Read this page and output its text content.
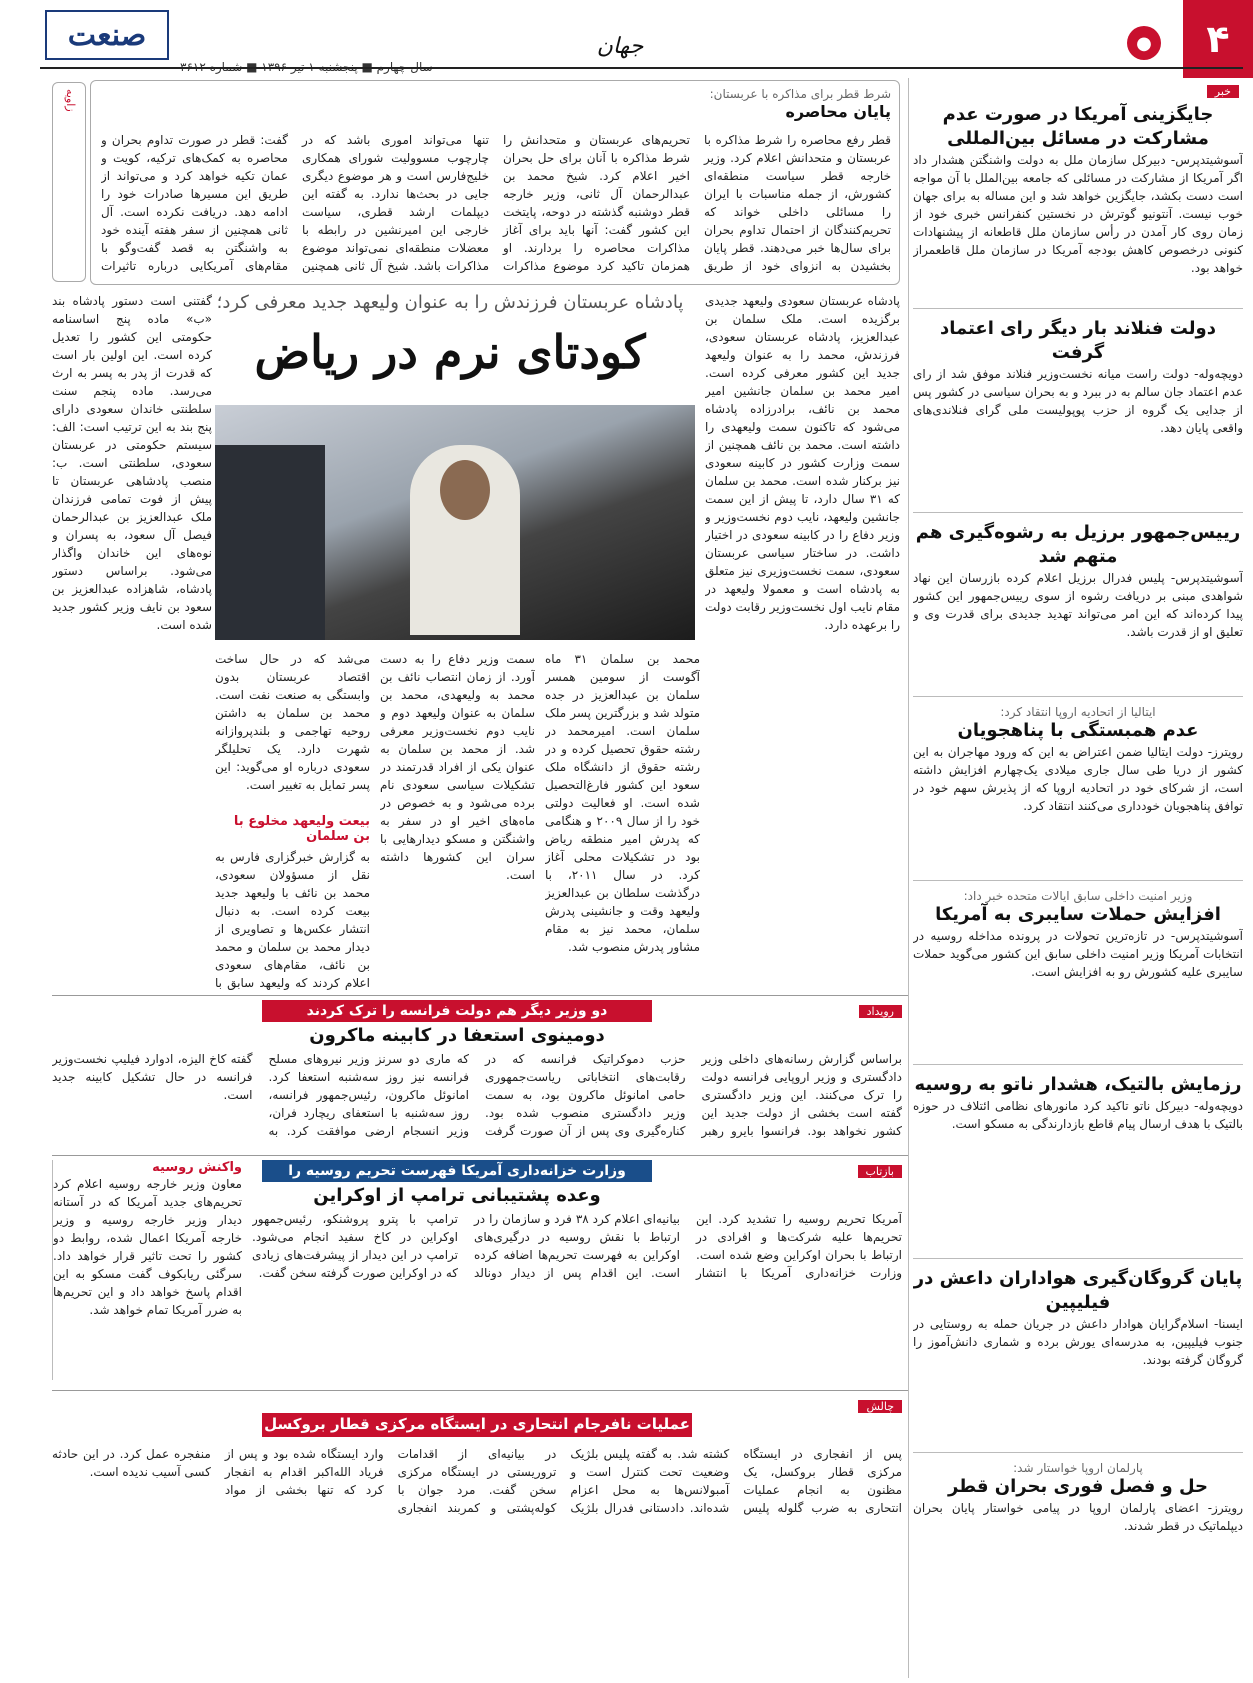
۴
●
جهان
صنعت
خبر
جایگزینی آمریکا در صورت عدم مشارکت در مسائل بین‌المللی
آسوشیتدپرس- دبیرکل سازمان ملل به دولت واشنگتن هشدار داد اگر آمریکا از مشارکت در مسائلی که جامعه بین‌الملل با آن مواجه است دست بکشد، جایگزین خواهد شد و این مساله به برای جهان خوب نیست. آنتونیو گوترش در نخستین کنفرانس خبری خود از زمان روی کار آمدن در رأس سازمان ملل قاطعانه از پیشنهادات کنونی درخصوص کاهش بودجه آمریکا در سازمان ملل قاطعمراز خواهد بود.
دولت فنلاند بار دیگر رای اعتماد گرفت
دویچه‌وله- دولت راست میانه نخست‌وزیر فنلاند موفق شد از رای عدم اعتماد جان سالم به در ببرد و به بحران سیاسی در کشور پس از جدایی یک گروه از حزب پوپولیست ملی گرای فنلاندی‌های واقعی پایان دهد.
رییس‌جمهور برزیل به رشوه‌گیری هم متهم شد
آسوشیتدپرس- پلیس فدرال برزیل اعلام کرده بازرسان این نهاد شواهدی مبنی بر دریافت رشوه از سوی رییس‌جمهور این کشور پیدا کرده‌اند که این امر می‌تواند تهدید جدیدی برای قدرت وی و تعلیق او از قدرت باشد.
ایتالیا از اتحادیه اروپا انتقاد کرد:
عدم همبستگی با پناهجویان
رویترز- دولت ایتالیا ضمن اعتراض به این که ورود مهاجران به این کشور از دریا طی سال جاری میلادی یک‌چهارم افزایش داشته است، از شرکای خود در اتحادیه اروپا که از پذیرش سهم خود در توافق پناهجویان خودداری می‌کنند انتقاد کرد.
وزیر امنیت داخلی سابق ایالات متحده خبر داد:
افزایش حملات سایبری به آمریکا
آسوشیتدپرس- در تازه‌ترین تحولات در پرونده مداخله روسیه در انتخابات آمریکا وزیر امنیت داخلی سابق این کشور می‌گوید حملات سایبری علیه کشورش رو به افزایش است.
رزمایش بالتیک، هشدار ناتو به روسیه
دویچه‌وله- دبیرکل ناتو تاکید کرد مانورهای نظامی ائتلاف در حوزه بالتیک با هدف ارسال پیام قاطع بازدارندگی به مسکو است.
پایان گروگان‌گیری هواداران داعش در فیلیپین
ایسنا- اسلام‌گرایان هوادار داعش در جریان حمله به روستایی در جنوب فیلیپین، به مدرسه‌ای یورش برده و شماری دانش‌آموز را گروگان گرفته بودند.
پارلمان اروپا خواستار شد:
حل و فصل فوری بحران قطر
رویترز- اعضای پارلمان اروپا در پیامی خواستار پایان بحران دیپلماتیک در قطر شدند.
شرط قطر برای مذاکره با عربستان:
پایان محاصره
قطر رفع محاصره را شرط مذاکره با عربستان و متحدانش اعلام کرد. وزیر خارجه قطر سیاست منطقه‌ای کشورش، از جمله مناسبات با ایران را مسائلی داخلی خواند که تحریم‌کنندگان از احتمال تداوم بحران برای سال‌ها خبر می‌دهند. قطر پایان بخشیدن به انزوای خود از طریق تحریم‌های عربستان و متحدانش را شرط مذاکره با آنان برای حل بحران اخیر اعلام کرد. شیخ محمد بن عبدالرحمان آل ثانی، وزیر خارجه قطر دوشنبه گذشته در دوحه، پایتخت این کشور گفت: آنها باید برای آغاز مذاکرات محاصره را بردارند. او همزمان تاکید کرد موضوع مذاکرات تنها می‌تواند اموری باشد که در چارچوب مسوولیت شورای همکاری خلیج‌فارس است و هر موضوع دیگری جایی در بحث‌ها ندارد. به گفته این دیپلمات ارشد قطری، سیاست خارجی این امیرنشین در رابطه با معضلات منطقه‌ای نمی‌تواند موضوع مذاکرات باشد. شیخ آل ثانی همچنین گفت: قطر در صورت تداوم بحران و محاصره به کمک‌های ترکیه، کویت و عمان تکیه خواهد کرد و می‌تواند از طریق این مسیرها صادرات خود را ادامه دهد. دریافت نکرده است. آل ثانی همچنین از سفر هفته آینده خود به واشنگتن به قصد گفت‌وگو با مقام‌های آمریکایی درباره تاثیرات
زاویه
پادشاه عربستان فرزندش را به عنوان ولیعهد جدید معرفی کرد؛
کودتای نرم در ریاض
پادشاه عربستان سعودی ولیعهد جدیدی برگزیده است. ملک سلمان بن عبدالعزیز، پادشاه عربستان سعودی، فرزندش، محمد را به عنوان ولیعهد جدید این کشور معرفی کرده است. امیر محمد بن سلمان جانشین امیر محمد بن نائف، برادرزاده پادشاه می‌شود که تاکنون سمت ولیعهدی را داشته است. محمد بن نائف همچنین از سمت وزارت کشور در کابینه سعودی نیز برکنار شده است. محمد بن سلمان که ۳۱ سال دارد، تا پیش از این سمت جانشین ولیعهد، نایب دوم نخست‌وزیر و وزیر دفاع را در کابینه سعودی در اختیار داشت. در ساختار سیاسی عربستان سعودی، سمت نخست‌وزیری نیز متعلق به پادشاه است و معمولا ولیعهد در مقام نایب اول نخست‌وزیر رقابت دولت را برعهده دارد.
گفتنی است دستور پادشاه بند «ب» ماده پنج اساسنامه حکومتی این کشور را تعدیل کرده است. این اولین بار است که قدرت از پدر به پسر به ارث می‌رسد. ماده پنجم سنت سلطنتی خاندان سعودی دارای پنج بند به این ترتیب است: الف: سیستم حکومتی در عربستان سعودی، سلطنتی است. ب: منصب پادشاهی عربستان تا پیش از فوت تمامی فرزندان ملک عبدالعزیز بن عبدالرحمان فیصل آل سعود، به پسران و نوه‌های این خاندان واگذار می‌شود. براساس دستور پادشاه، شاهزاده عبدالعزیز بن سعود بن نایف وزیر کشور جدید شده است.
محمد بن سلمان ۳۱ ماه آگوست از سومین همسر سلمان بن عبدالعزیز در جده متولد شد و بزرگترین پسر ملک سلمان است. امیرمحمد در رشته حقوق تحصیل کرده و در رشته حقوق از دانشگاه ملک سعود این کشور فارغ‌التحصیل شده است. او فعالیت دولتی خود را از سال ۲۰۰۹ و هنگامی که پدرش امیر منطقه ریاض بود در تشکیلات محلی آغاز کرد. در سال ۲۰۱۱، با درگذشت سلطان بن عبدالعزیز ولیعهد وقت و جانشینی پدرش سلمان، محمد نیز به مقام مشاور پدرش منصوب شد.
سمت وزیر دفاع را به دست آورد. از زمان انتصاب نائف بن محمد به ولیعهدی، محمد بن سلمان به عنوان ولیعهد دوم و نایب دوم نخست‌وزیر معرفی شد. از محمد بن سلمان به عنوان یکی از افراد قدرتمند در تشکیلات سیاسی سعودی نام برده می‌شود و به خصوص در ماه‌های اخیر او در سفر به واشنگتن و مسکو دیدارهایی با سران این کشورها داشته است.
می‌شد که در حال ساخت اقتصاد عربستان بدون وابستگی به صنعت نفت است. محمد بن سلمان به داشتن روحیه تهاجمی و بلندپروازانه شهرت دارد. یک تحلیلگر سعودی درباره او می‌گوید: این پسر تمایل به تغییر است.
بیعت ولیعهد مخلوع با بن سلمان
به گزارش خبرگزاری فارس به نقل از مسؤولان سعودی، محمد بن نائف با ولیعهد جدید بیعت کرده است. به دنبال انتشار عکس‌ها و تصاویری از دیدار محمد بن سلمان و محمد بن نائف، مقام‌های سعودی اعلام کردند که ولیعهد سابق با
رویداد
دو وزیر دیگر هم دولت فرانسه را ترک کردند
دومینوی استعفا در کابینه ماکرون
براساس گزارش رسانه‌های داخلی وزیر دادگستری و وزیر اروپایی فرانسه دولت را ترک می‌کنند. این وزیر دادگستری گفته است بخشی از دولت جدید این کشور نخواهد بود. فرانسوا بایرو رهبر حزب دموکراتیک فرانسه که در رقابت‌های انتخاباتی ریاست‌جمهوری حامی امانوئل ماکرون بود، به سمت وزیر دادگستری منصوب شده بود. کناره‌گیری وی پس از آن صورت گرفت که ماری دو سرنز وزیر نیروهای مسلح فرانسه نیز روز سه‌شنبه استعفا کرد. امانوئل ماکرون، رئیس‌جمهور فرانسه، روز سه‌شنبه با استعفای ریچارد فران، وزیر انسجام ارضی موافقت کرد. به گفته کاخ الیزه، ادوارد فیلیپ نخست‌وزیر فرانسه در حال تشکیل کابینه جدید است.
بازتاب
وزارت خزانه‌داری آمریکا فهرست تحریم روسیه را
وعده پشتیبانی ترامپ از اوکراین
آمریکا تحریم روسیه را تشدید کرد. این تحریم‌ها علیه شرکت‌ها و افرادی در ارتباط با بحران اوکراین وضع شده است. وزارت خزانه‌داری آمریکا با انتشار بیانیه‌ای اعلام کرد ۳۸ فرد و سازمان را در ارتباط با نقش روسیه در درگیری‌های اوکراین به فهرست تحریم‌ها اضافه کرده است. این اقدام پس از دیدار دونالد ترامپ با پترو پروشنکو، رئیس‌جمهور اوکراین در کاخ سفید انجام می‌شود. ترامپ در این دیدار از پیشرفت‌های زیادی که در اوکراین صورت گرفته سخن گفت.
واکنش روسیه
معاون وزیر خارجه روسیه اعلام کرد تحریم‌های جدید آمریکا که در آستانه دیدار وزیر خارجه روسیه و وزیر خارجه آمریکا اعمال شده، روابط دو کشور را تحت تاثیر قرار خواهد داد. سرگئی ریابکوف گفت مسکو به این اقدام پاسخ خواهد داد و این تحریم‌ها به ضرر آمریکا تمام خواهد شد.
چالش
عملیات نافرجام انتحاری در ایستگاه مرکزی قطار بروکسل
پس از انفجاری در ایستگاه مرکزی قطار بروکسل، یک مظنون به انجام عملیات انتحاری به ضرب گلوله پلیس کشته شد. به گفته پلیس بلژیک وضعیت تحت کنترل است و آمبولانس‌ها به محل اعزام شده‌اند. دادستانی فدرال بلژیک در بیانیه‌ای از اقدامات تروریستی در ایستگاه مرکزی سخن گفت. مرد جوان با کوله‌پشتی و کمربند انفجاری وارد ایستگاه شده بود و پس از فریاد الله‌اکبر اقدام به انفجار کرد که تنها بخشی از مواد منفجره عمل کرد. در این حادثه کسی آسیب ندیده است.
